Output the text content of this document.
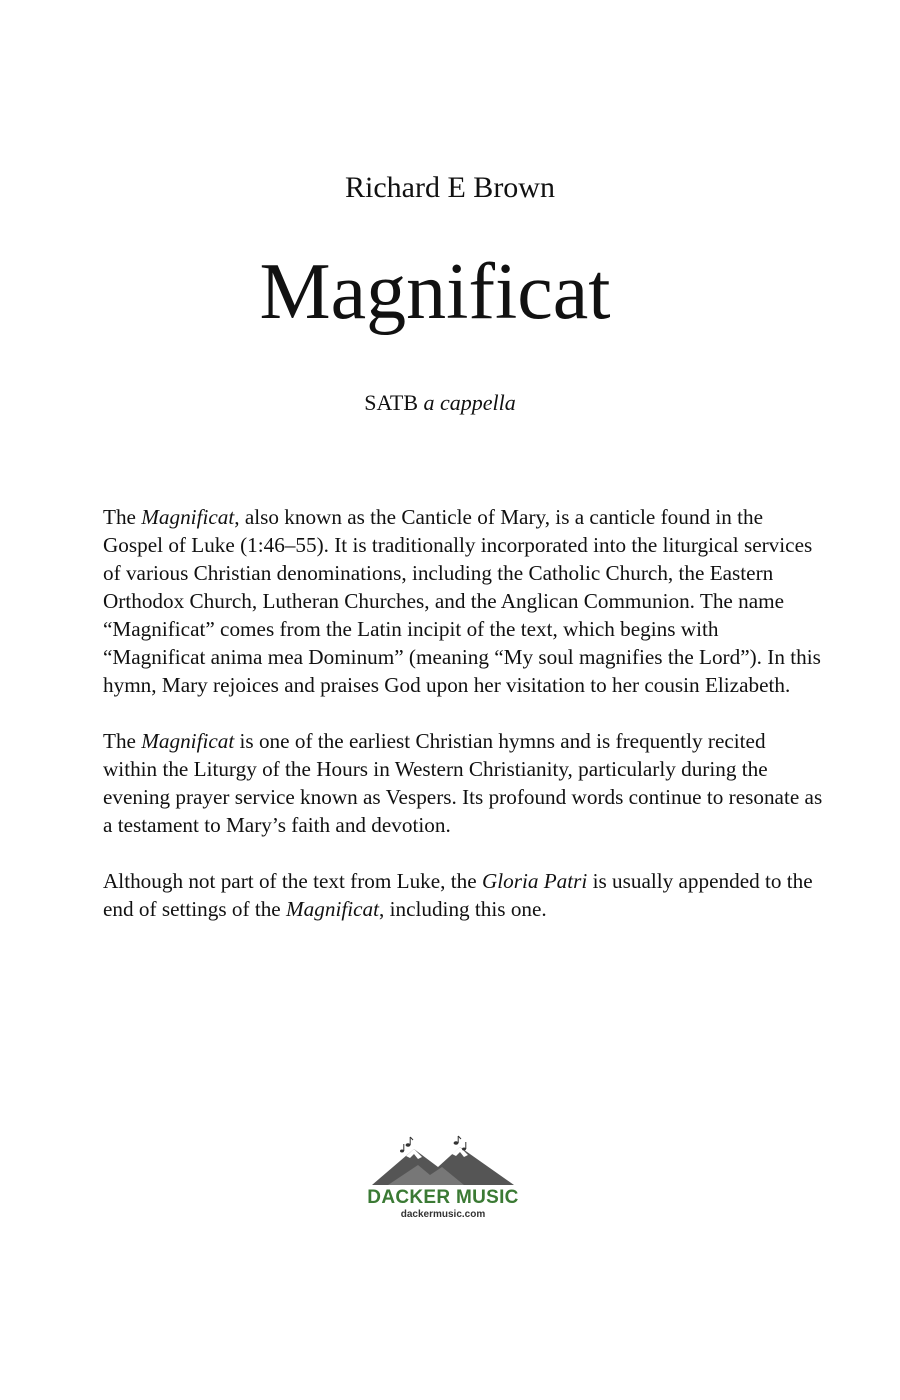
Richard E Brown
Magnificat
SATB a cappella

The Magnificat, also known as the Canticle of Mary, is a canticle found in the Gospel of Luke (1:46–55). It is traditionally incorporated into the liturgical services of various Christian denominations, including the Catholic Church, the Eastern Orthodox Church, Lutheran Churches, and the Anglican Communion. The name “Magnificat” comes from the Latin incipit of the text, which begins with “Magnificat anima mea Dominum” (meaning “My soul magnifies the Lord”). In this hymn, Mary rejoices and praises God upon her visitation to her cousin Elizabeth.

The Magnificat is one of the earliest Christian hymns and is frequently recited within the Liturgy of the Hours in Western Christianity, particularly during the evening prayer service known as Vespers. Its profound words continue to resonate as a testament to Mary’s faith and devotion.

Although not part of the text from Luke, the Gloria Patri is usually appended to the end of settings of the Magnificat, including this one.

DACKER MUSIC
dackermusic.com
